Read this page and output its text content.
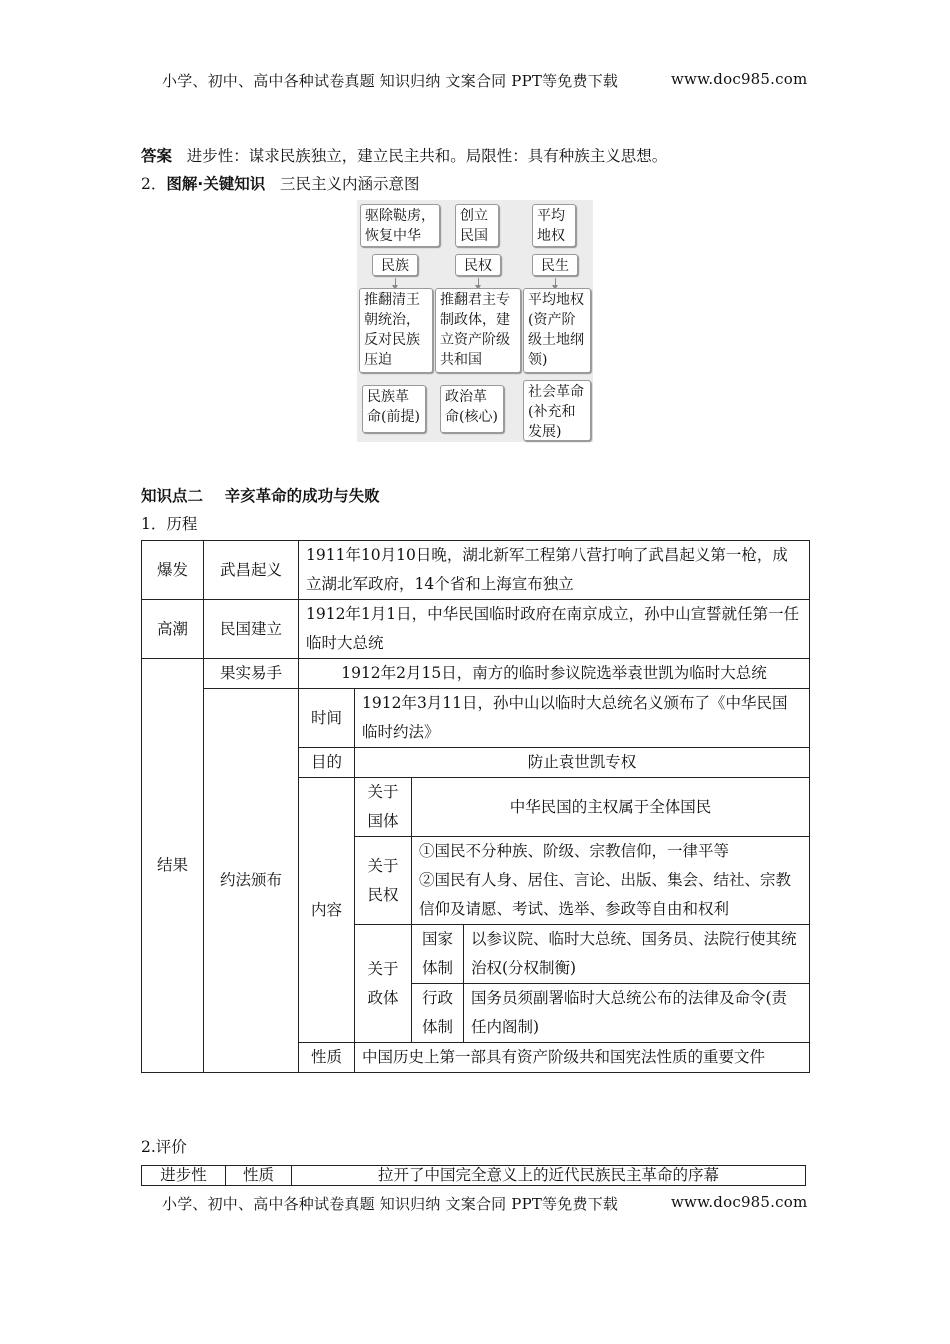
小学、初中、高中各种试卷真题 知识归纳 文案合同 PPT等免费下载	www.doc985.com
答案 进步性：谋求民族独立，建立民主共和。局限性：具有种族主义思想。
2．图解·关键知识 三民主义内涵示意图
驱除鞑虏，恢复中华
创立民国
平均地权
民族	民权	民生
推翻清王朝统治，反对民族压迫
推翻君主专制政体，建立资产阶级共和国
平均地权(资产阶级土地纲领)
民族革命(前提)
政治革命(核心)
社会革命(补充和发展)
知识点二 辛亥革命的成功与失败
1．历程
爆发	武昌起义	1911年10月10日晚，湖北新军工程第八营打响了武昌起义第一枪，成立湖北军政府，14个省和上海宣布独立			
高潮	民国建立	1912年1月1日，中华民国临时政府在南京成立，孙中山宣誓就任第一任临时大总统			
结果	果实易手	1912年2月15日，南方的临时参议院选举袁世凯为临时大总统			
	约法颁布	时间	1912年3月11日，孙中山以临时大总统名义颁布了《中华民国临时约法》		
		目的	防止袁世凯专权		
		内容	关于国体	中华民国的主权属于全体国民	
			关于民权	①国民不分种族、阶级、宗教信仰，一律平等
②国民有人身、居住、言论、出版、集会、结社、宗教信仰及请愿、考试、选举、参政等自由和权利	

			关于政体	国家体制	以参议院、临时大总统、国务员、法院行使其统治权(分权制衡)
				行政体制	国务员须副署临时大总统公布的法律及命令(责任内阁制)
		性质	中国历史上第一部具有资产阶级共和国宪法性质的重要文件		
2.评价
进步性	性质	拉开了中国完全意义上的近代民族民主革命的序幕
小学、初中、高中各种试卷真题 知识归纳 文案合同 PPT等免费下载	www.doc985.com
